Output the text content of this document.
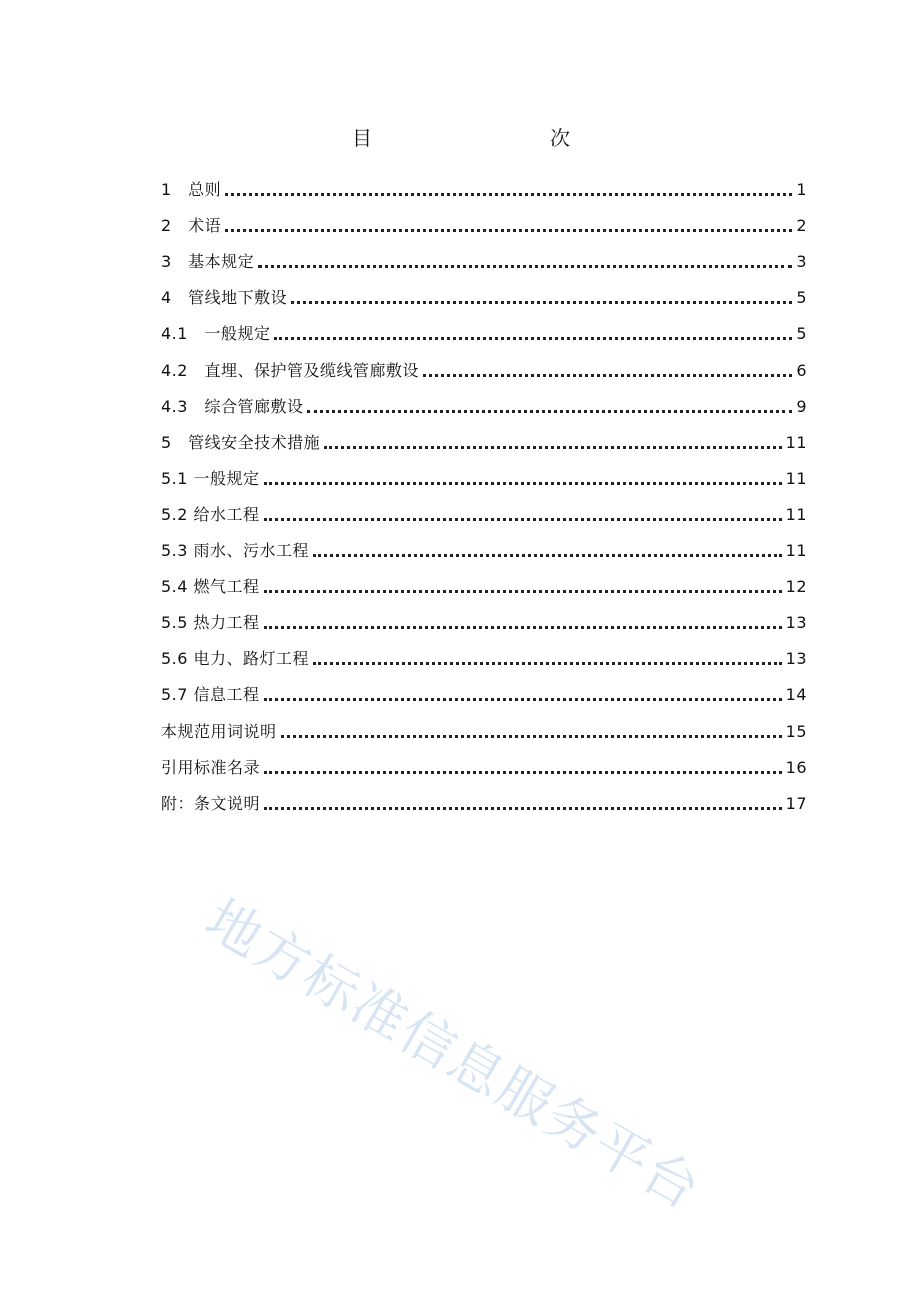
目　　次
1　总则	1
2　术语	2
3　基本规定	3
4　管线地下敷设	5
4.1　一般规定	5
4.2　直埋、保护管及缆线管廊敷设	6
4.3　综合管廊敷设	9
5　管线安全技术措施	11
5.1 一般规定	11
5.2 给水工程	11
5.3 雨水、污水工程	11
5.4 燃气工程	12
5.5 热力工程	13
5.6 电力、路灯工程	13
5.7 信息工程	14
本规范用词说明	15
引用标准名录	16
附：条文说明	17
地方标准信息服务平台
